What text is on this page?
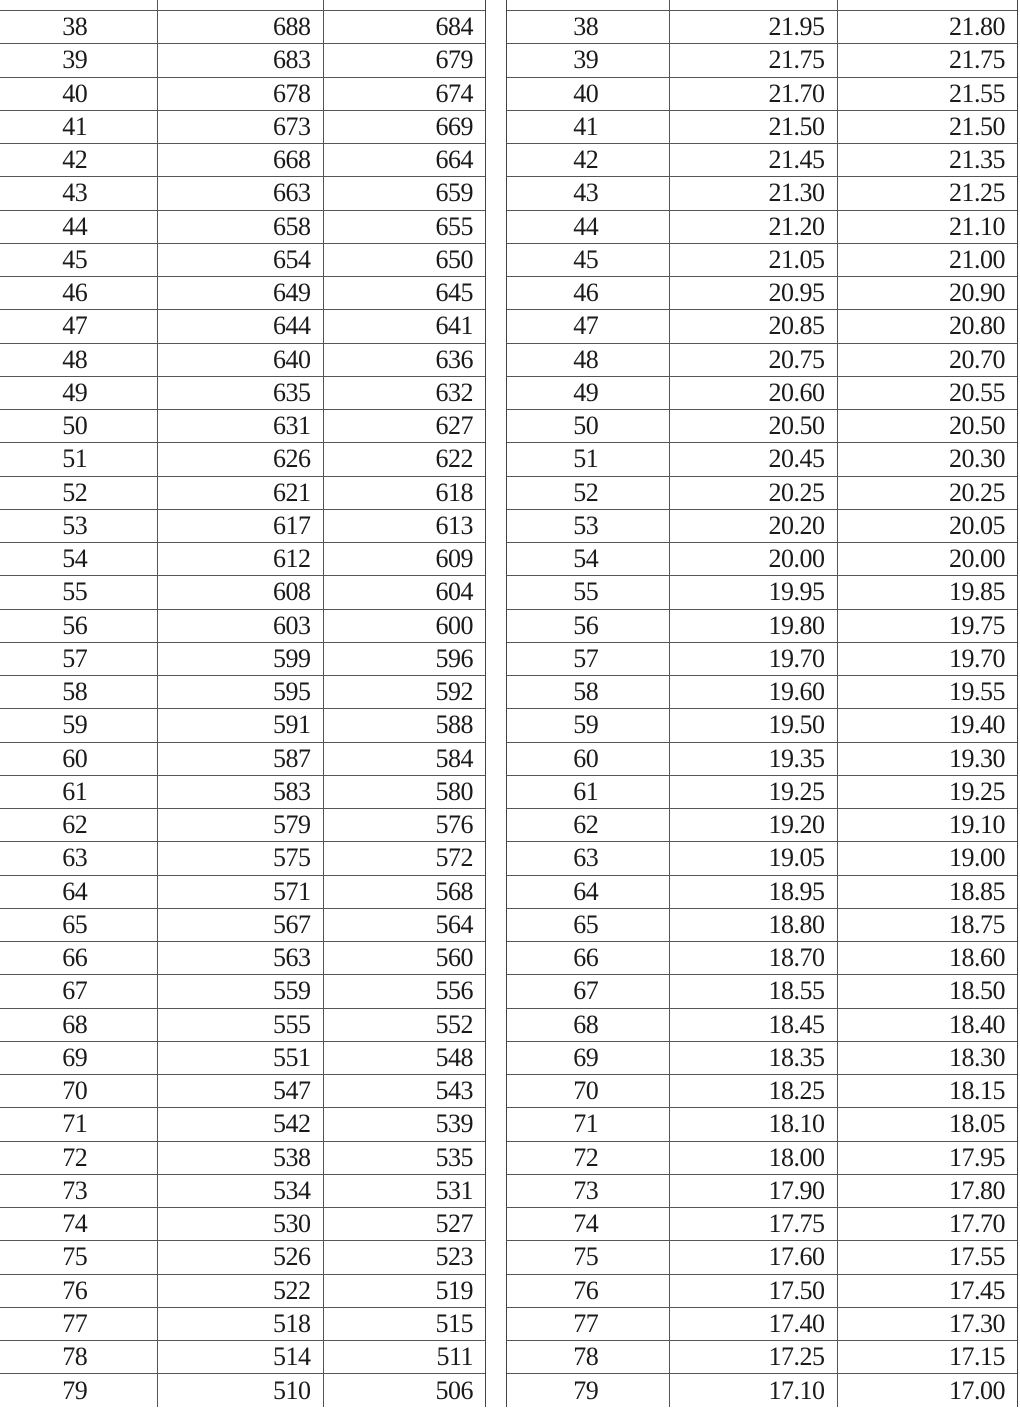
38	688	684
39	683	679
40	678	674
41	673	669
42	668	664
43	663	659
44	658	655
45	654	650
46	649	645
47	644	641
48	640	636
49	635	632
50	631	627
51	626	622
52	621	618
53	617	613
54	612	609
55	608	604
56	603	600
57	599	596
58	595	592
59	591	588
60	587	584
61	583	580
62	579	576
63	575	572
64	571	568
65	567	564
66	563	560
67	559	556
68	555	552
69	551	548
70	547	543
71	542	539
72	538	535
73	534	531
74	530	527
75	526	523
76	522	519
77	518	515
78	514	511
79	510	506

38	21.95	21.80
39	21.75	21.75
40	21.70	21.55
41	21.50	21.50
42	21.45	21.35
43	21.30	21.25
44	21.20	21.10
45	21.05	21.00
46	20.95	20.90
47	20.85	20.80
48	20.75	20.70
49	20.60	20.55
50	20.50	20.50
51	20.45	20.30
52	20.25	20.25
53	20.20	20.05
54	20.00	20.00
55	19.95	19.85
56	19.80	19.75
57	19.70	19.70
58	19.60	19.55
59	19.50	19.40
60	19.35	19.30
61	19.25	19.25
62	19.20	19.10
63	19.05	19.00
64	18.95	18.85
65	18.80	18.75
66	18.70	18.60
67	18.55	18.50
68	18.45	18.40
69	18.35	18.30
70	18.25	18.15
71	18.10	18.05
72	18.00	17.95
73	17.90	17.80
74	17.75	17.70
75	17.60	17.55
76	17.50	17.45
77	17.40	17.30
78	17.25	17.15
79	17.10	17.00
